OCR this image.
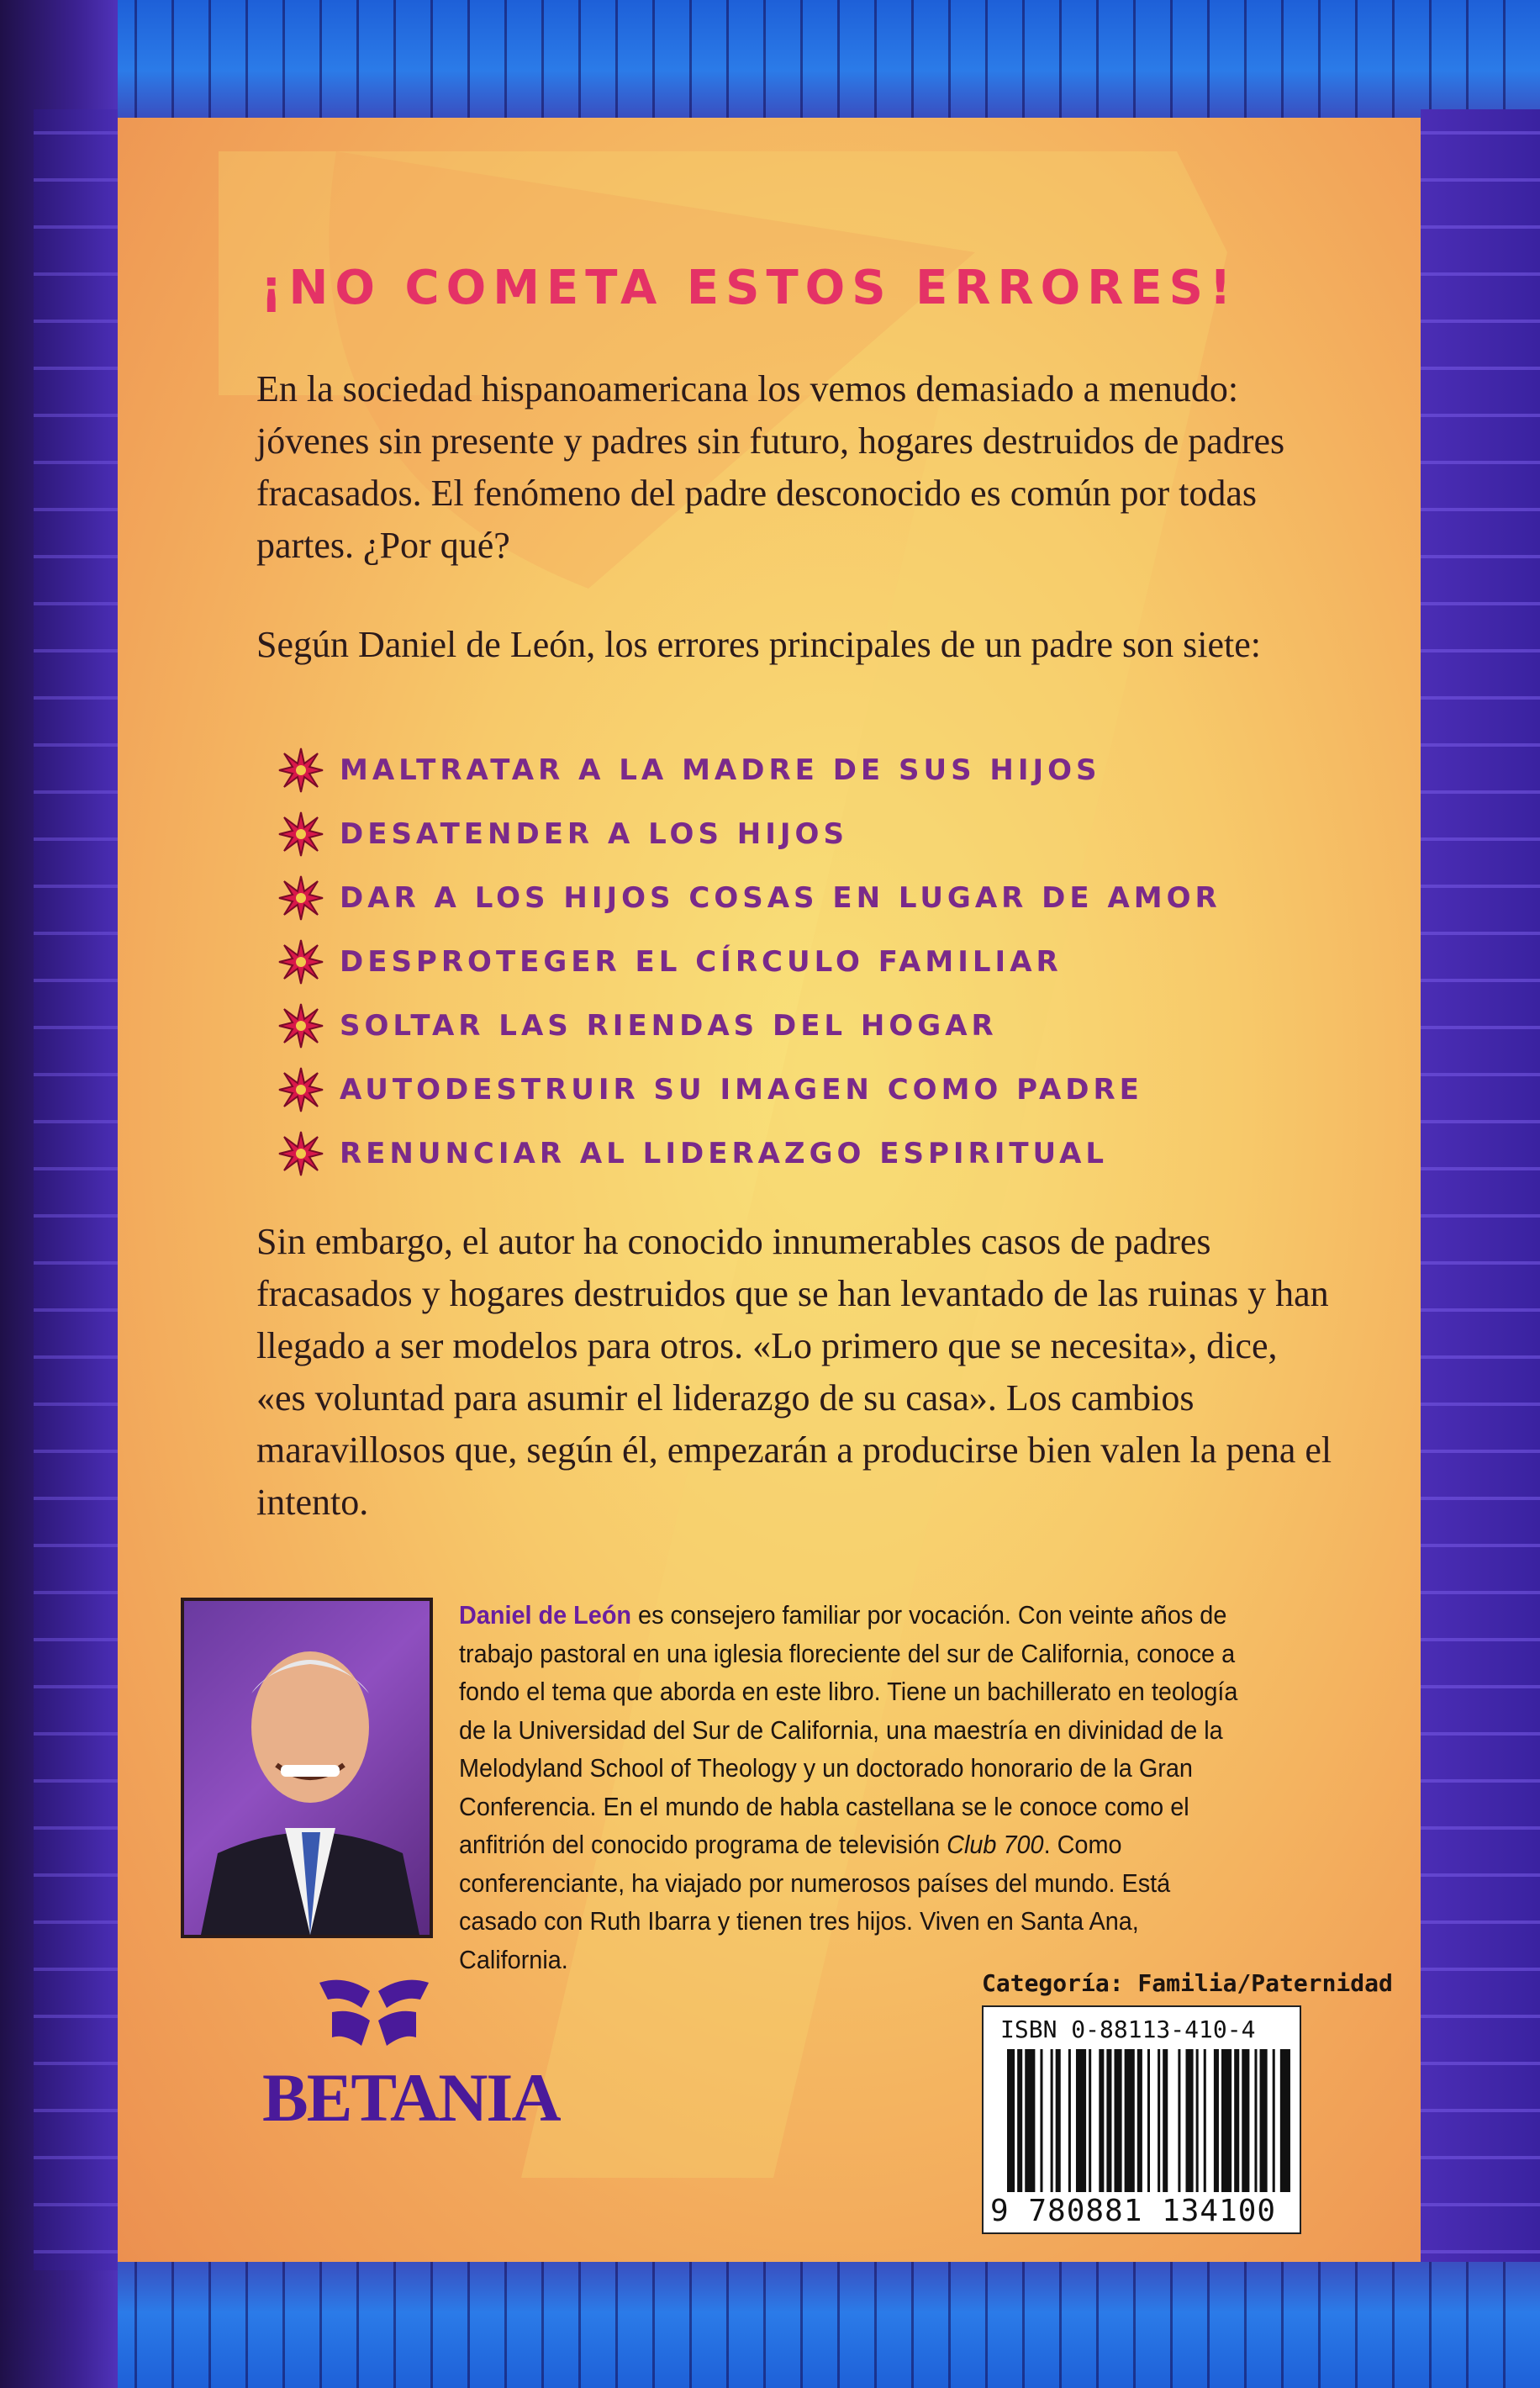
¡NO COMETA ESTOS ERRORES!

En la sociedad hispanoamericana los vemos demasiado a menudo: jóvenes sin presente y padres sin futuro, hogares destruidos de padres fracasados. El fenómeno del padre desconocido es común por todas partes. ¿Por qué?

Según Daniel de León, los errores principales de un padre son siete:

MALTRATAR A LA MADRE DE SUS HIJOS
DESATENDER A LOS HIJOS
DAR A LOS HIJOS COSAS EN LUGAR DE AMOR
DESPROTEGER EL CÍRCULO FAMILIAR
SOLTAR LAS RIENDAS DEL HOGAR
AUTODESTRUIR SU IMAGEN COMO PADRE
RENUNCIAR AL LIDERAZGO ESPIRITUAL

Sin embargo, el autor ha conocido innumerables casos de padres fracasados y hogares destruidos que se han levantado de las ruinas y han llegado a ser modelos para otros. «Lo primero que se necesita», dice, «es voluntad para asumir el liderazgo de su casa». Los cambios maravillosos que, según él, empezarán a producirse bien valen la pena el intento.

Daniel de León es consejero familiar por vocación. Con veinte años de trabajo pastoral en una iglesia floreciente del sur de California, conoce a fondo el tema que aborda en este libro. Tiene un bachillerato en teología de la Universidad del Sur de California, una maestría en divinidad de la Melodyland School of Theology y un doctorado honorario de la Gran Conferencia. En el mundo de habla castellana se le conoce como el anfitrión del conocido programa de televisión Club 700. Como conferenciante, ha viajado por numerosos países del mundo. Está casado con Ruth Ibarra y tienen tres hijos. Viven en Santa Ana, California.

BETANIA

Categoría: Familia/Paternidad

ISBN 0-88113-410-4

9 780881 134100
